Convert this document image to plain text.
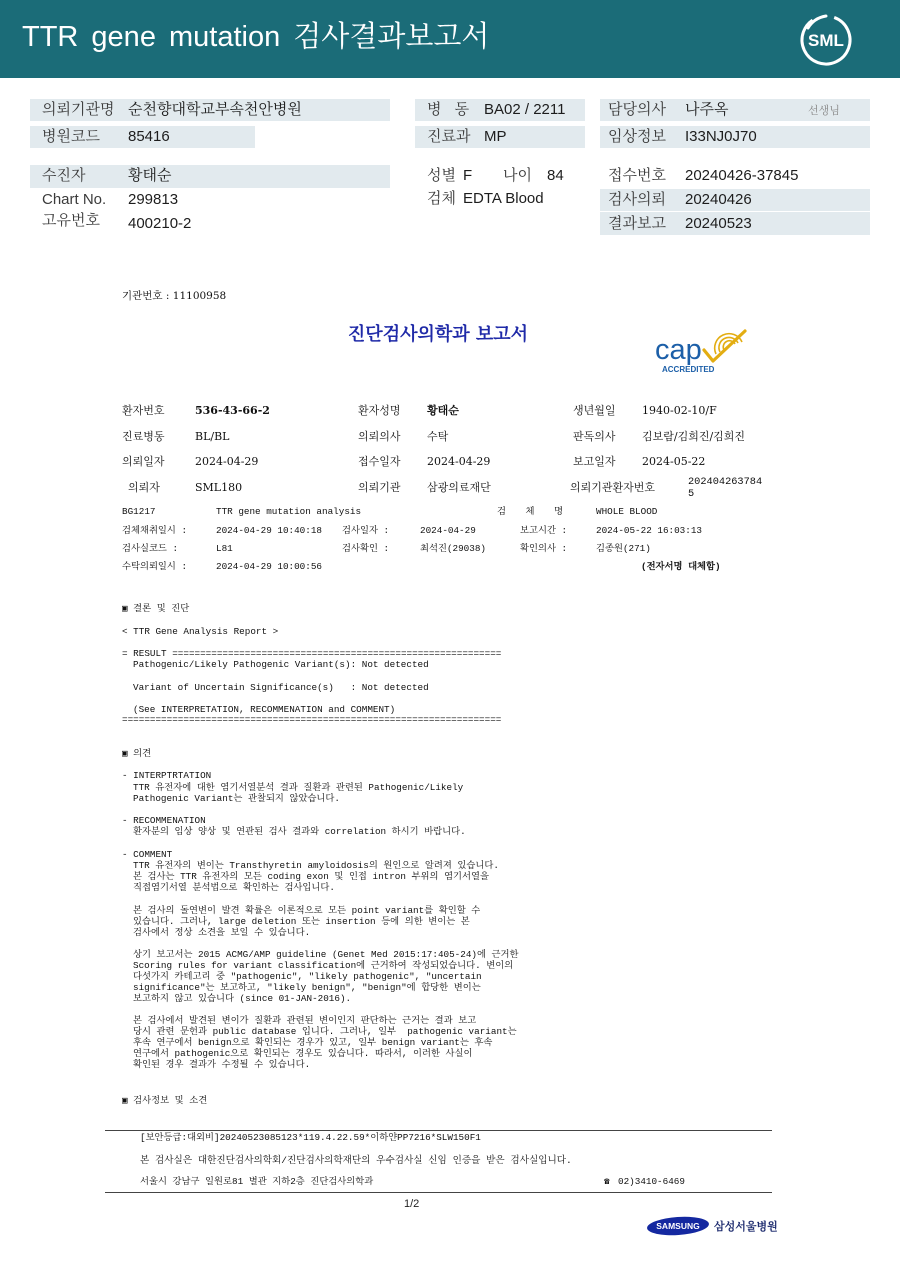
TTR gene mutation 검사결과보고서	SML
의뢰기관명 순천향대학교부속천안병원	병 동 BA02 / 2211	담당의사 나주옥	선생님
병원코드 85416	진료과 MP	임상정보 I33NJ0J70
수진자	황태순	성별 F 나이 84	접수번호 20240426-37845
Chart No. 299813	검체 EDTA Blood	검사의뢰 20240426
고유번호 400210-2	결과보고 20240523
기관번호 : 11100958
진단검사의학과 보고서	cap
ACCREDITED
환자번호	536-43-66-2	환자성명 황태순	생년월일 1940-02-10/F
진료병동	BL/BL	의뢰의사 수탁	판독의사 김보람/김희진/김희진
의뢰일자	2024-04-29	접수일자 2024-04-29	보고일자 2024-05-22
의뢰자	SML180	의뢰기관 삼광의료재단	의뢰기관환자번호	2024042637845
BG1217	TTR gene mutation analysis	검 체 명	WHOLE BLOOD
검체채취일시 :	2024-04-29 10:40:18 검사일자 :	2024-04-29	보고시간 :	2024-05-22 16:03:13
검사실코드 :	L81	검사확인 :	최석진(29038)	확인의사 :	김종원(271)
수탁의뢰일시 :	2024-04-29 10:00:56	(전자서명 대체함)
▣ 결론 및 진단
< TTR Gene Analysis Report >
= RESULT ===========================================================
Pathogenic/Likely Pathogenic Variant(s): Not detected
Variant of Uncertain Significance(s)   : Not detected
(See INTERPRETATION, RECOMMENATION and COMMENT)
====================================================================
▣ 의견
- INTERPTRTATION
TTR 유전자에 대한 염기서열분석 결과 질환과 관련된 Pathogenic/Likely
Pathogenic Variant는 관찰되지 않았습니다.
- RECOMMENATION
환자분의 임상 양상 및 연관된 검사 결과와 correlation 하시기 바랍니다.
- COMMENT
TTR 유전자의 변이는 Transthyretin amyloidosis의 원인으로 알려져 있습니다.
본 검사는 TTR 유전자의 모든 coding exon 및 인접 intron 부위의 염기서열을
직접염기서열 분석법으로 확인하는 검사입니다.
본 검사의 돌연변이 발견 확률은 이론적으로 모든 point variant를 확인할 수
있습니다. 그러나, large deletion 또는 insertion 등에 의한 변이는 본
검사에서 정상 소견을 보일 수 있습니다.
상기 보고서는 2015 ACMG/AMP guideline (Genet Med 2015:17:405-24)에 근거한
Scoring rules for variant classification에 근거하여 작성되었습니다. 변이의
다섯가지 카테고리 중 "pathogenic", "likely pathogenic", "uncertain
significance"는 보고하고, "likely benign", "benign"에 합당한 변이는
보고하지 않고 있습니다 (since 01-JAN-2016).
본 검사에서 발견된 변이가 질환과 관련된 변이인지 판단하는 근거는 결과 보고
당시 관련 문헌과 public database 입니다. 그러나, 일부  pathogenic variant는
후속 연구에서 benign으로 확인되는 경우가 있고, 일부 benign variant는 후속
연구에서 pathogenic으로 확인되는 경우도 있습니다. 따라서, 이러한 사실이
확인된 경우 결과가 수정될 수 있습니다.
▣ 검사정보 및 소견
[보안등급:대외비]20240523085123*119.4.22.59*이하얀PP7216*SLW150F1
본 검사실은 대한진단검사의학회/진단검사의학재단의 우수검사실 신임 인증을 받은 검사실입니다.
서울시 강남구 일원로81 별관 지하2층 진단검사의학과
☎	02)3410-6469
1/2
SAMSUNG 삼성서울병원
